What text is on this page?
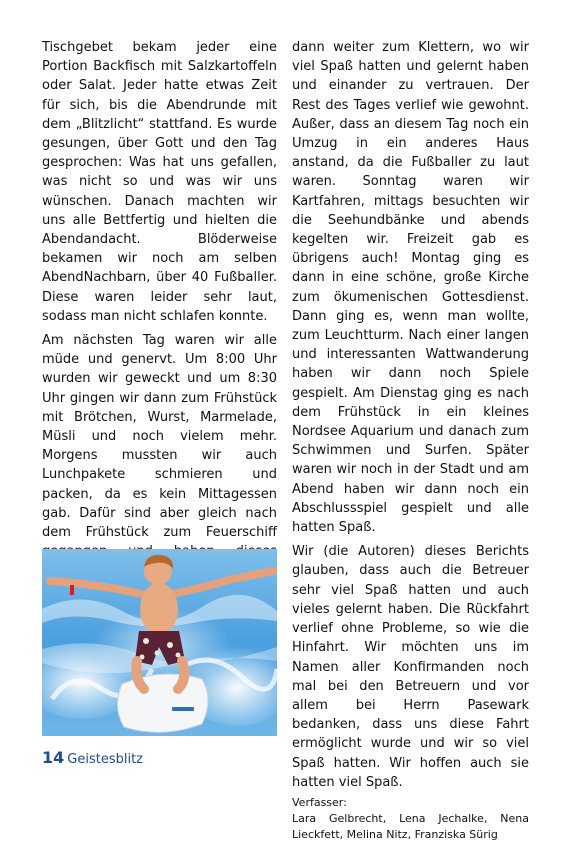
Tischgebet bekam jeder eine Portion Backfisch mit Salzkartoffeln oder Salat. Jeder hatte etwas Zeit für sich, bis die Abendrunde mit dem „Blitzlicht“ stattfand. Es wurde gesungen, über Gott und den Tag gesprochen: Was hat uns gefallen, was nicht so und was wir uns wünschen. Danach machten wir uns alle Bettfertig und hielten die Abendandacht. Blöderweise bekamen wir noch am selben AbendNachbarn, über 40 Fußballer. Diese waren leider sehr laut, sodass man nicht schlafen konnte.

Am nächsten Tag waren wir alle müde und genervt. Um 8:00 Uhr wurden wir geweckt und um 8:30 Uhr gingen wir dann zum Frühstück mit Brötchen, Wurst, Marmelade, Müsli und noch vielem mehr. Morgens mussten wir auch Lunchpakete schmieren und packen, da es kein Mittagessen gab. Dafür sind aber gleich nach dem Frühstück zum Feuerschiff

dann weiter zum Klettern, wo wir viel Spaß hatten und gelernt haben und einander zu vertrauen. Der Rest des Tages verlief wie gewohnt. Außer, dass an diesem Tag noch ein Umzug in ein anderes Haus anstand, da die Fußballer zu laut waren. Sonntag waren wir Kartfahren, mittags besuchten wir die Seehundbänke und abends kegelten wir. Freizeit gab es übrigens auch! Montag ging es dann in eine schöne, große Kirche zum ökumenischen Gottesdienst. Dann ging es, wenn man wollte, zum Leuchtturm. Nach einer langen und interessanten Wattwanderung haben wir dann noch Spiele gespielt. Am Dienstag ging es nach dem Frühstück in ein kleines Nordsee Aquarium und danach zum Schwimmen und Surfen. Später waren wir noch in der Stadt und am Abend haben wir dann noch ein Abschlussspiel gespielt und alle hatten Spaß.

Wir (die Autoren) dieses Berichts glauben, dass auch die Betreuer sehr viel Spaß hatten und auch vieles gelernt haben. Die Rückfahrt verlief ohne Probleme, so wie die Hinfahrt. Wir möchten uns im Namen aller Konfirmanden noch mal bei den Betreuern und vor allem bei Herrn Pasewark bedanken, dass uns diese Fahrt ermöglicht wurde und wir so viel Spaß hatten. Wir hoffen auch sie hatten viel Spaß.

Verfasser:
Lara Gelbrecht, Lena Jechalke, Nena Lieckfett, Melina Nitz, Franziska Sürig
14 Geistesblitz
